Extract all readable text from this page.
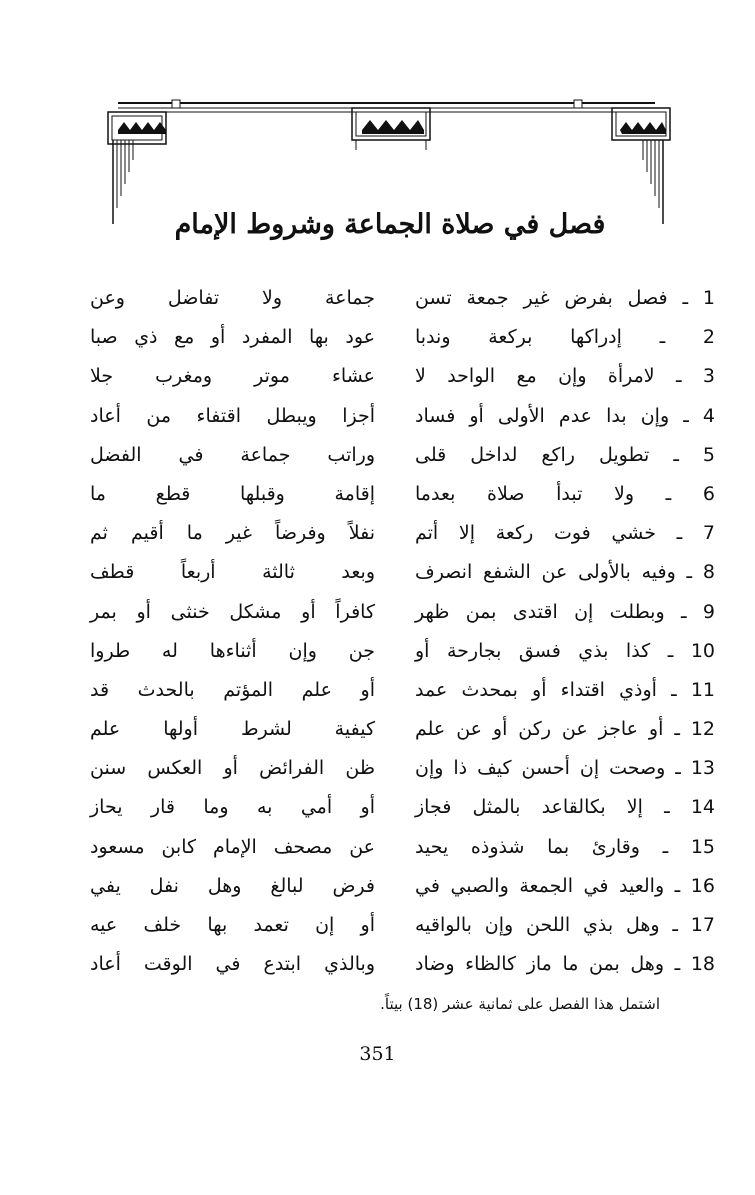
فصل في صلاة الجماعة وشروط الإمام
1 ـ فصل بفرض غير جمعة تسن
جماعة ولا تفاضل وعن
2 ـ إدراكها بركعة وندبا
عود بها المفرد أو مع ذي صبا
3 ـ لامرأة وإن مع الواحد لا
عشاء موتر ومغرب جلا
4 ـ وإن بدا عدم الأولى أو فساد
أجزا ويبطل اقتفاء من أعاد
5 ـ تطويل راكع لداخل قلى
وراتب جماعة في الفضل
6 ـ ولا تبدأ صلاة بعدما
إقامة وقبلها قطع ما
7 ـ خشي فوت ركعة إلا أتم
نفلاً وفرضاً غير ما أقيم ثم
8 ـ وفيه بالأولى عن الشفع انصرف
وبعد ثالثة أربعاً قطف
9 ـ وبطلت إن اقتدى بمن ظهر
كافراً أو مشكل خنثى أو بمر
10 ـ كذا بذي فسق بجارحة أو
جن وإن أثناءها له طروا
11 ـ أوذي اقتداء أو بمحدث عمد
أو علم المؤتم بالحدث قد
12 ـ أو عاجز عن ركن أو عن علم
كيفية لشرط أولها علم
13 ـ وصحت إن أحسن كيف ذا وإن
ظن الفرائض أو العكس سنن
14 ـ إلا بكالقاعد بالمثل فجاز
أو أمي به وما قار يحاز
15 ـ وقارئ بما شذوذه يحيد
عن مصحف الإمام كابن مسعود
16 ـ والعيد في الجمعة والصبي في
فرض لبالغ وهل نفل يفي
17 ـ وهل بذي اللحن وإن بالواقيه
أو إن تعمد بها خلف عيه
18 ـ وهل بمن ما ماز كالظاء وضاد
وبالذي ابتدع في الوقت أعاد
اشتمل هذا الفصل على ثمانية عشر (18) بيتاً.
351
